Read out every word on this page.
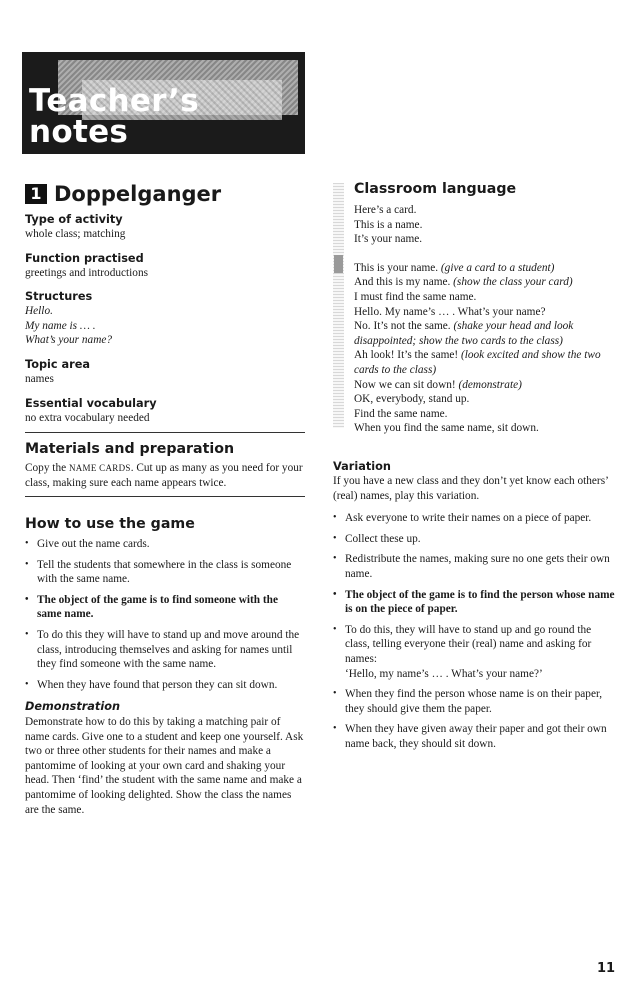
Teacher’s notes
1 Doppelganger
Type of activity

whole class; matching

Function practised

greetings and introductions

Structures

Hello.

My name is … .

What’s your name?

Topic area

names

Essential vocabulary

no extra vocabulary needed

Materials and preparation

Copy the NAME CARDS. Cut up as many as you need for your class, making sure each name appears twice.

How to use the game
• Give out the name cards.
• Tell the students that somewhere in the class is someone with the same name.
• The object of the game is to find someone with the same name.
• To do this they will have to stand up and move around the class, introducing themselves and asking for names until they find someone with the same name.
• When they have found that person they can sit down.
Demonstration

Demonstrate how to do this by taking a matching pair of name cards. Give one to a student and keep one yourself. Ask two or three other students for their names and make a pantomime of looking at your own card and shaking your head. Then ‘find’ the student with the same name and make a pantomime of looking delighted. Show the class the names are the same.

Classroom language

Here’s a card.

This is a name.

It’s your name.

This is your name. (give a card to a student)

And this is my name. (show the class your card)

I must find the same name.

Hello. My name’s … . What’s your name?

No. It’s not the same. (shake your head and look disappointed; show the two cards to the class)

Ah look! It’s the same! (look excited and show the two cards to the class)

Now we can sit down! (demonstrate)

OK, everybody, stand up.

Find the same name.

When you find the same name, sit down.

Variation

If you have a new class and they don’t yet know each others’ (real) names, play this variation.

• Ask everyone to write their names on a piece of paper.
• Collect these up.
• Redistribute the names, making sure no one gets their own name.
• The object of the game is to find the person whose name is on the piece of paper.
• To do this, they will have to stand up and go round the class, telling everyone their (real) name and asking for names:
‘Hello, my name’s … . What’s your name?’
• When they find the person whose name is on their paper, they should give them the paper.
• When they have given away their paper and got their own name back, they should sit down.
11
